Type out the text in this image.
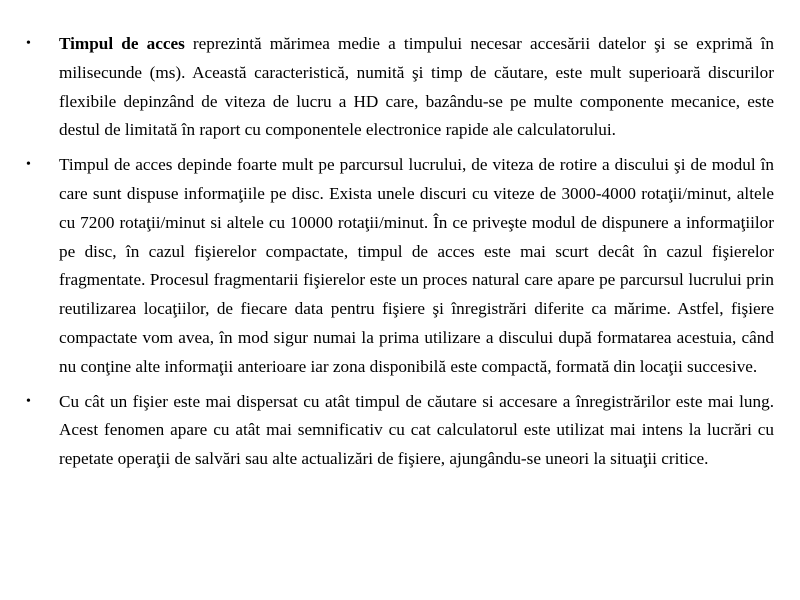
• Timpul de acces reprezintă mărimea medie a timpului necesar accesării datelor şi se exprimă în milisecunde (ms). Această caracteristică, numită şi timp de căutare, este mult superioară discurilor flexibile depinzând de viteza de lucru a HD care, bazându-se pe multe componente mecanice, este destul de limitată în raport cu componentele electronice rapide ale calculatorului.
• Timpul de acces depinde foarte mult pe parcursul lucrului, de viteza de rotire a discului şi de modul în care sunt dispuse informaţiile pe disc. Exista unele discuri cu viteze de 3000-4000 rotaţii/minut, altele cu 7200 rotaţii/minut si altele cu 10000 rotaţii/minut. În ce priveşte modul de dispunere a informaţiilor pe disc, în cazul fişierelor compactate, timpul de acces este mai scurt decât în cazul fişierelor fragmentate. Procesul fragmentarii fişierelor este un proces natural care apare pe parcursul lucrului prin reutilizarea locaţiilor, de fiecare data pentru fişiere şi înregistrări diferite ca mărime. Astfel, fişiere compactate vom avea, în mod sigur numai la prima utilizare a discului după formatarea acestuia, când nu conţine alte informaţii anterioare iar zona disponibilă este compactă, formată din locaţii succesive.
• Cu cât un fişier este mai dispersat cu atât timpul de căutare si accesare a înregistrărilor este mai lung. Acest fenomen apare cu atât mai semnificativ cu cat calculatorul este utilizat mai intens la lucrări cu repetate operaţii de salvări sau alte actualizări de fişiere, ajungându-se uneori la situaţii critice.
